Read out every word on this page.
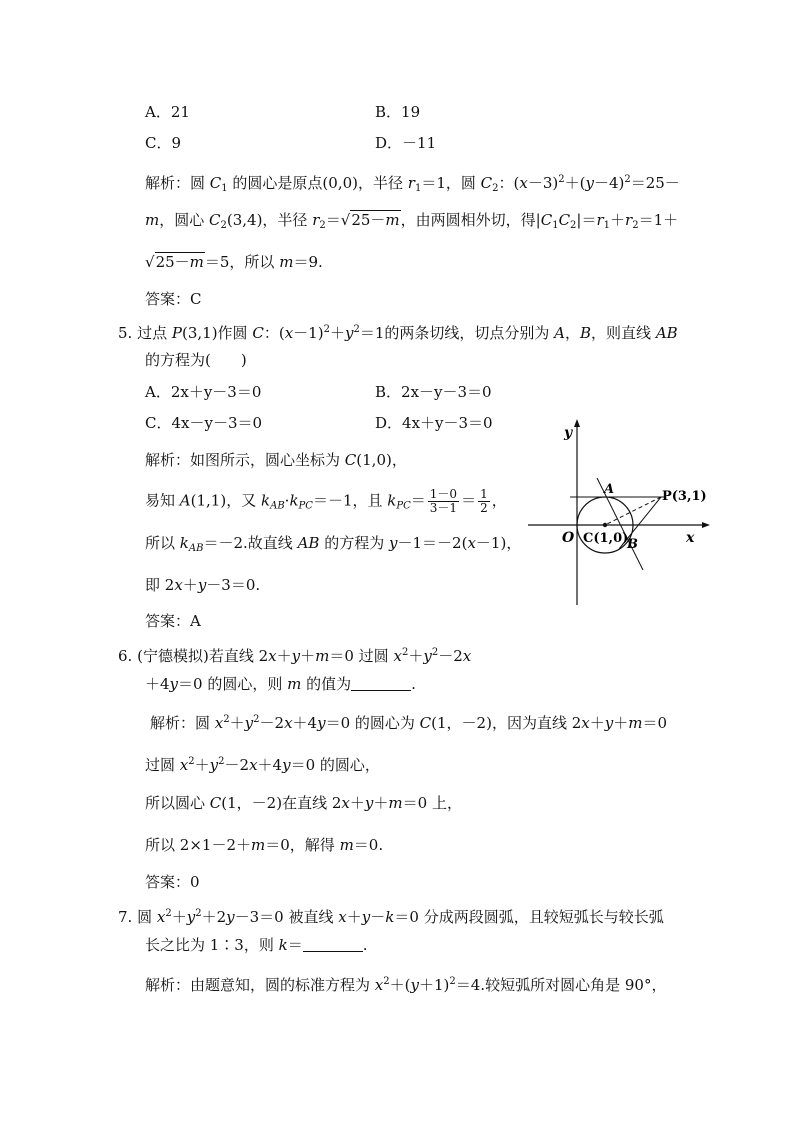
A．21	B．19
C．9	D．－11
解析：圆 $C_1$ 的圆心是原点(0,0)，半径 $r_1=1$，圆 $C_2$：$(x-3)^2+(y-4)^2=25-$
m，圆心 $C_2(3,4)$，半径 $r_2=√25-m$，由两圆相外切，得$|C_1C_2|=r_1+r_2=1+$
√25－m＝5，所以 m＝9.
答案：C
5. 过点 P(3,1)作圆 C：$(x-1)^2+y^2=1$的两条切线，切点分别为 A，B，则直线 AB
的方程为(　　)
A．2x＋y－3＝0	B．2x－y－3＝0
C．4x－y－3＝0	D．4x＋y－3＝0
解析：如图所示，圆心坐标为 C(1,0)，
易知 A(1,1)，又 $k_{AB}\cdot k_{PC}=-1$，且 $k_{PC}= \frac{1-0}{3-1} = \frac{1}{2}$ ，
所以 $k_{AB}=-2$.故直线 AB 的方程为 y－1＝－2(x－1)，
即 2x＋y－3＝0.
答案：A
y
x
O
A
B
C(1,0)
P(3,1)
6. (宁德模拟)若直线 2x＋y＋m＝0 过圆 $x^2+y^2-2x$
＋4y＝0 的圆心，则 m 的值为	.
解析：圆 $x^2+y^2-2x+4y=0$ 的圆心为 C(1，－2)，因为直线 2x＋y＋m＝0
过圆 $x^2+y^2-2x+4y=0$ 的圆心，
所以圆心 C(1，－2)在直线 2x＋y＋m＝0 上，
所以 2×1－2＋m＝0，解得 m＝0.
答案：0
7. 圆 $x^2+y^2+2y-3=0$ 被直线 x＋y－k＝0 分成两段圆弧，且较短弧长与较长弧
长之比为 1∶3，则 k＝	.
解析：由题意知，圆的标准方程为 $x^2+(y+1)^2=4$.较短弧所对圆心角是 90°，
